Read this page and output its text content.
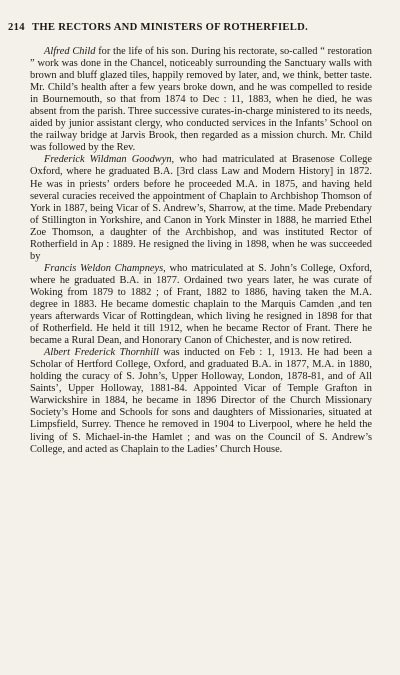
214 THE RECTORS AND MINISTERS OF ROTHERFIELD.

Alfred Child for the life of his son. During his rectorate, so-called “ restoration ” work was done in the Chancel, noticeably surrounding the Sanctuary walls with brown and bluff glazed tiles, happily removed by later, and, we think, better taste. Mr. Child’s health after a few years broke down, and he was compelled to reside in Bournemouth, so that from 1874 to Dec : 11, 1883, when he died, he was absent from the parish. Three successive curates-in-charge ministered to its needs, aided by junior assistant clergy, who conducted services in the Infants’ School on the railway bridge at Jarvis Brook, then regarded as a mission church. Mr. Child was followed by the Rev.

Frederick Wildman Goodwyn, who had matriculated at Brasenose College Oxford, where he graduated B.A. [3rd class Law and Modern History] in 1872. He was in priests’ orders before he proceeded M.A. in 1875, and having held several curacies received the appointment of Chaplain to Archbishop Thomson of York in 1887, being Vicar of S. Andrew’s, Sharrow, at the time. Made Prebendary of Stillington in Yorkshire, and Canon in York Minster in 1888, he married Ethel Zoe Thomson, a daughter of the Archbishop, and was instituted Rector of Rotherfield in Ap : 1889. He resigned the living in 1898, when he was succeeded by

Francis Weldon Champneys, who matriculated at S. John’s College, Oxford, where he graduated B.A. in 1877. Ordained two years later, he was curate of Woking from 1879 to 1882 ; of Frant, 1882 to 1886, having taken the M.A. degree in 1883. He became domestic chaplain to the Marquis Camden ,and ten years afterwards Vicar of Rottingdean, which living he resigned in 1898 for that of Rotherfield. He held it till 1912, when he became Rector of Frant. There he became a Rural Dean, and Honorary Canon of Chichester, and is now retired.

Albert Frederick Thornhill was inducted on Feb : 1, 1913. He had been a Scholar of Hertford College, Oxford, and graduated B.A. in 1877, M.A. in 1880, holding the curacy of S. John’s, Upper Holloway, London, 1878-81, and of All Saints’, Upper Holloway, 1881-84. Appointed Vicar of Temple Grafton in Warwickshire in 1884, he became in 1896 Director of the Church Missionary Society’s Home and Schools for sons and daughters of Missionaries, situated at Limpsfield, Surrey. Thence he removed in 1904 to Liverpool, where he held the living of S. Michael-in-the Hamlet ; and was on the Council of S. Andrew’s College, and acted as Chaplain to the Ladies’ Church House.
